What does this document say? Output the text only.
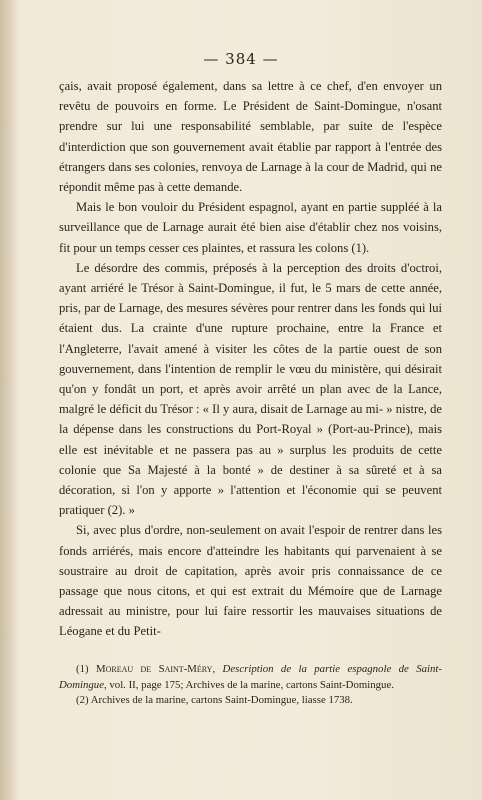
— 384 —

çais, avait proposé également, dans sa lettre à ce chef, d'en envoyer un revêtu de pouvoirs en forme. Le Président de Saint-Domingue, n'osant prendre sur lui une responsabilité semblable, par suite de l'espèce d'interdiction que son gouvernement avait établie par rapport à l'entrée des étrangers dans ses colonies, renvoya de Larnage à la cour de Madrid, qui ne répondit même pas à cette demande.

Mais le bon vouloir du Président espagnol, ayant en partie suppléé à la surveillance que de Larnage aurait été bien aise d'établir chez nos voisins, fit pour un temps cesser ces plaintes, et rassura les colons (1).

Le désordre des commis, préposés à la perception des droits d'octroi, ayant arriéré le Trésor à Saint-Domingue, il fut, le 5 mars de cette année, pris, par de Larnage, des mesures sévères pour rentrer dans les fonds qui lui étaient dus. La crainte d'une rupture prochaine, entre la France et l'Angleterre, l'avait amené à visiter les côtes de la partie ouest de son gouvernement, dans l'intention de remplir le vœu du ministère, qui désirait qu'on y fondât un port, et après avoir arrêté un plan avec de la Lance, malgré le déficit du Trésor : « Il y aura, disait de Larnage au mi- » nistre, de la dépense dans les constructions du Port-Royal » (Port-au-Prince), mais elle est inévitable et ne passera pas au » surplus les produits de cette colonie que Sa Majesté à la bonté » de destiner à sa sûreté et à sa décoration, si l'on y apporte » l'attention et l'économie qui se peuvent pratiquer (2). »

Si, avec plus d'ordre, non-seulement on avait l'espoir de rentrer dans les fonds arriérés, mais encore d'atteindre les habitants qui parvenaient à se soustraire au droit de capitation, après avoir pris connaissance de ce passage que nous citons, et qui est extrait du Mémoire que de Larnage adressait au ministre, pour lui faire ressortir les mauvaises situations de Léogane et du Petit-

(1) Moreau de Saint-Méry, Description de la partie espagnole de Saint-Domingue, vol. II, page 175; Archives de la marine, cartons Saint-Domingue.

(2) Archives de la marine, cartons Saint-Domingue, liasse 1738.
